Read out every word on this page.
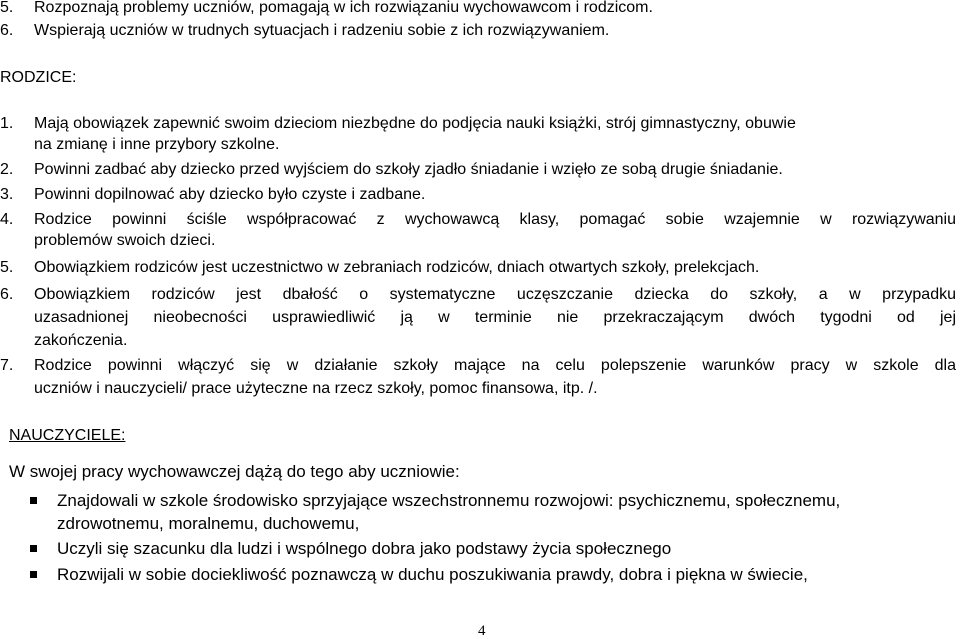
5.	Rozpoznają problemy uczniów, pomagają w ich rozwiązaniu wychowawcom i rodzicom.
6.	Wspierają uczniów w trudnych sytuacjach i radzeniu sobie z ich rozwiązywaniem.
RODZICE:
1.	Mają obowiązek zapewnić swoim dzieciom niezbędne do podjęcia nauki książki, strój gimnastyczny, obuwie
na zmianę i inne przybory szkolne.
2.	Powinni zadbać aby dziecko przed wyjściem do szkoły zjadło śniadanie i wzięło ze sobą drugie śniadanie.
3.	Powinni dopilnować aby dziecko było czyste i zadbane.
4.	Rodzice powinni ściśle współpracować z wychowawcą klasy, pomagać sobie wzajemnie w rozwiązywaniu
problemów swoich dzieci.
5.	Obowiązkiem rodziców jest uczestnictwo w zebraniach rodziców, dniach otwartych szkoły, prelekcjach.
6.	Obowiązkiem rodziców jest dbałość o systematyczne uczęszczanie dziecka do szkoły, a w przypadku
uzasadnionej nieobecności usprawiedliwić ją w terminie nie przekraczającym dwóch tygodni od jej
zakończenia.
7.	Rodzice powinni włączyć się w działanie szkoły mające na celu polepszenie warunków pracy w szkole dla
uczniów i nauczycieli/ prace użyteczne na rzecz szkoły, pomoc finansowa, itp. /.
NAUCZYCIELE:
W swojej pracy wychowawczej dążą do tego aby uczniowie:
Znajdowali w szkole środowisko sprzyjające wszechstronnemu rozwojowi: psychicznemu, społecznemu,
zdrowotnemu, moralnemu, duchowemu,
Uczyli się szacunku dla ludzi i wspólnego dobra jako podstawy życia społecznego
Rozwijali w sobie dociekliwość poznawczą w duchu poszukiwania prawdy, dobra i piękna w świecie,
4
